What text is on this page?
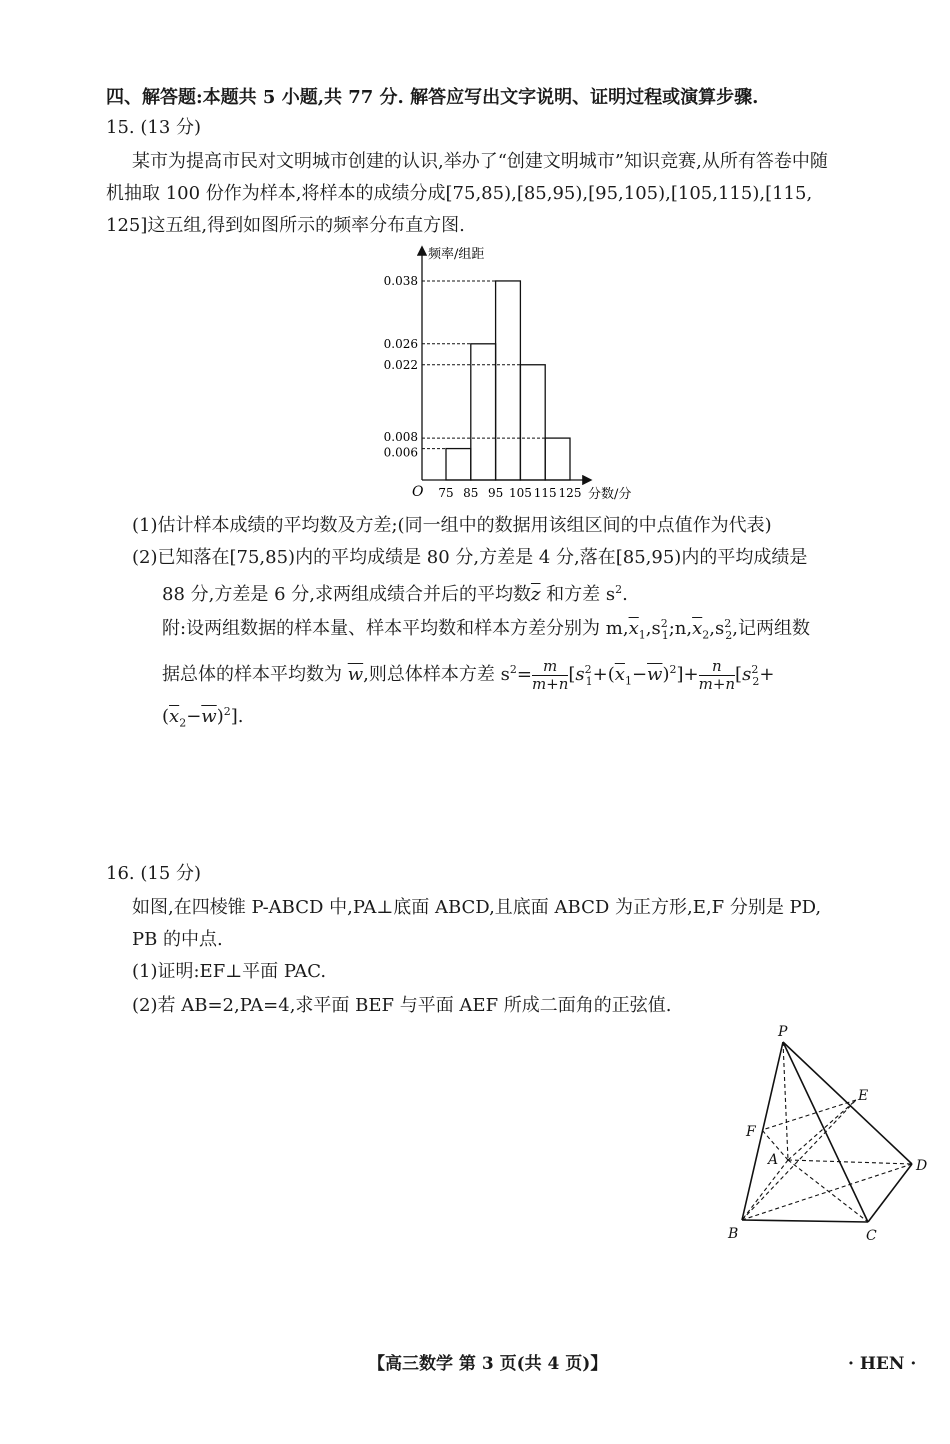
四、解答题:本题共 5 小题,共 77 分. 解答应写出文字说明、证明过程或演算步骤.
15. (13 分)
某市为提高市民对文明城市创建的认识,举办了“创建文明城市”知识竞赛,从所有答卷中随
机抽取 100 份作为样本,将样本的成绩分成[75,85),[85,95),[95,105),[105,115),[115,
125]这五组,得到如图所示的频率分布直方图.
频率/组距
分数/分
O
0.006
0.008
0.022
0.026
0.038
75 85 95 105 115 125
(1)估计样本成绩的平均数及方差;(同一组中的数据用该组区间的中点值作为代表)
(2)已知落在[75,85)内的平均成绩是 80 分,方差是 4 分,落在[85,95)内的平均成绩是
88 分,方差是 6 分,求两组成绩合并后的平均数$\overline{z}$ 和方差 $s^2$.
附:设两组数据的样本量、样本平均数和样本方差分别为 $m,\overline{x}_1,s^2_1;n,\overline{x}_2,s^2_2$,记两组数
据总体的样本平均数为 $\overline{w}$,则总体样本方差 $s^2= \frac{m}{m+n} [s^2_1+(\overline{x}_1-\overline{w})^2]+ \frac{n}{m+n} [s^2_2+$
$(\overline{x}_2-\overline{w})^2$].
16. (15 分)
如图,在四棱锥 P-ABCD 中,PA⊥底面 ABCD,且底面 ABCD 为正方形,E,F 分别是 PD,
PB 的中点.
(1)证明:EF⊥平面 PAC.
(2)若 AB=2,PA=4,求平面 BEF 与平面 AEF 所成二面角的正弦值.
P
E
F
A	D
B	C
【高三数学 第 3 页(共 4 页)】	· HEN ·
